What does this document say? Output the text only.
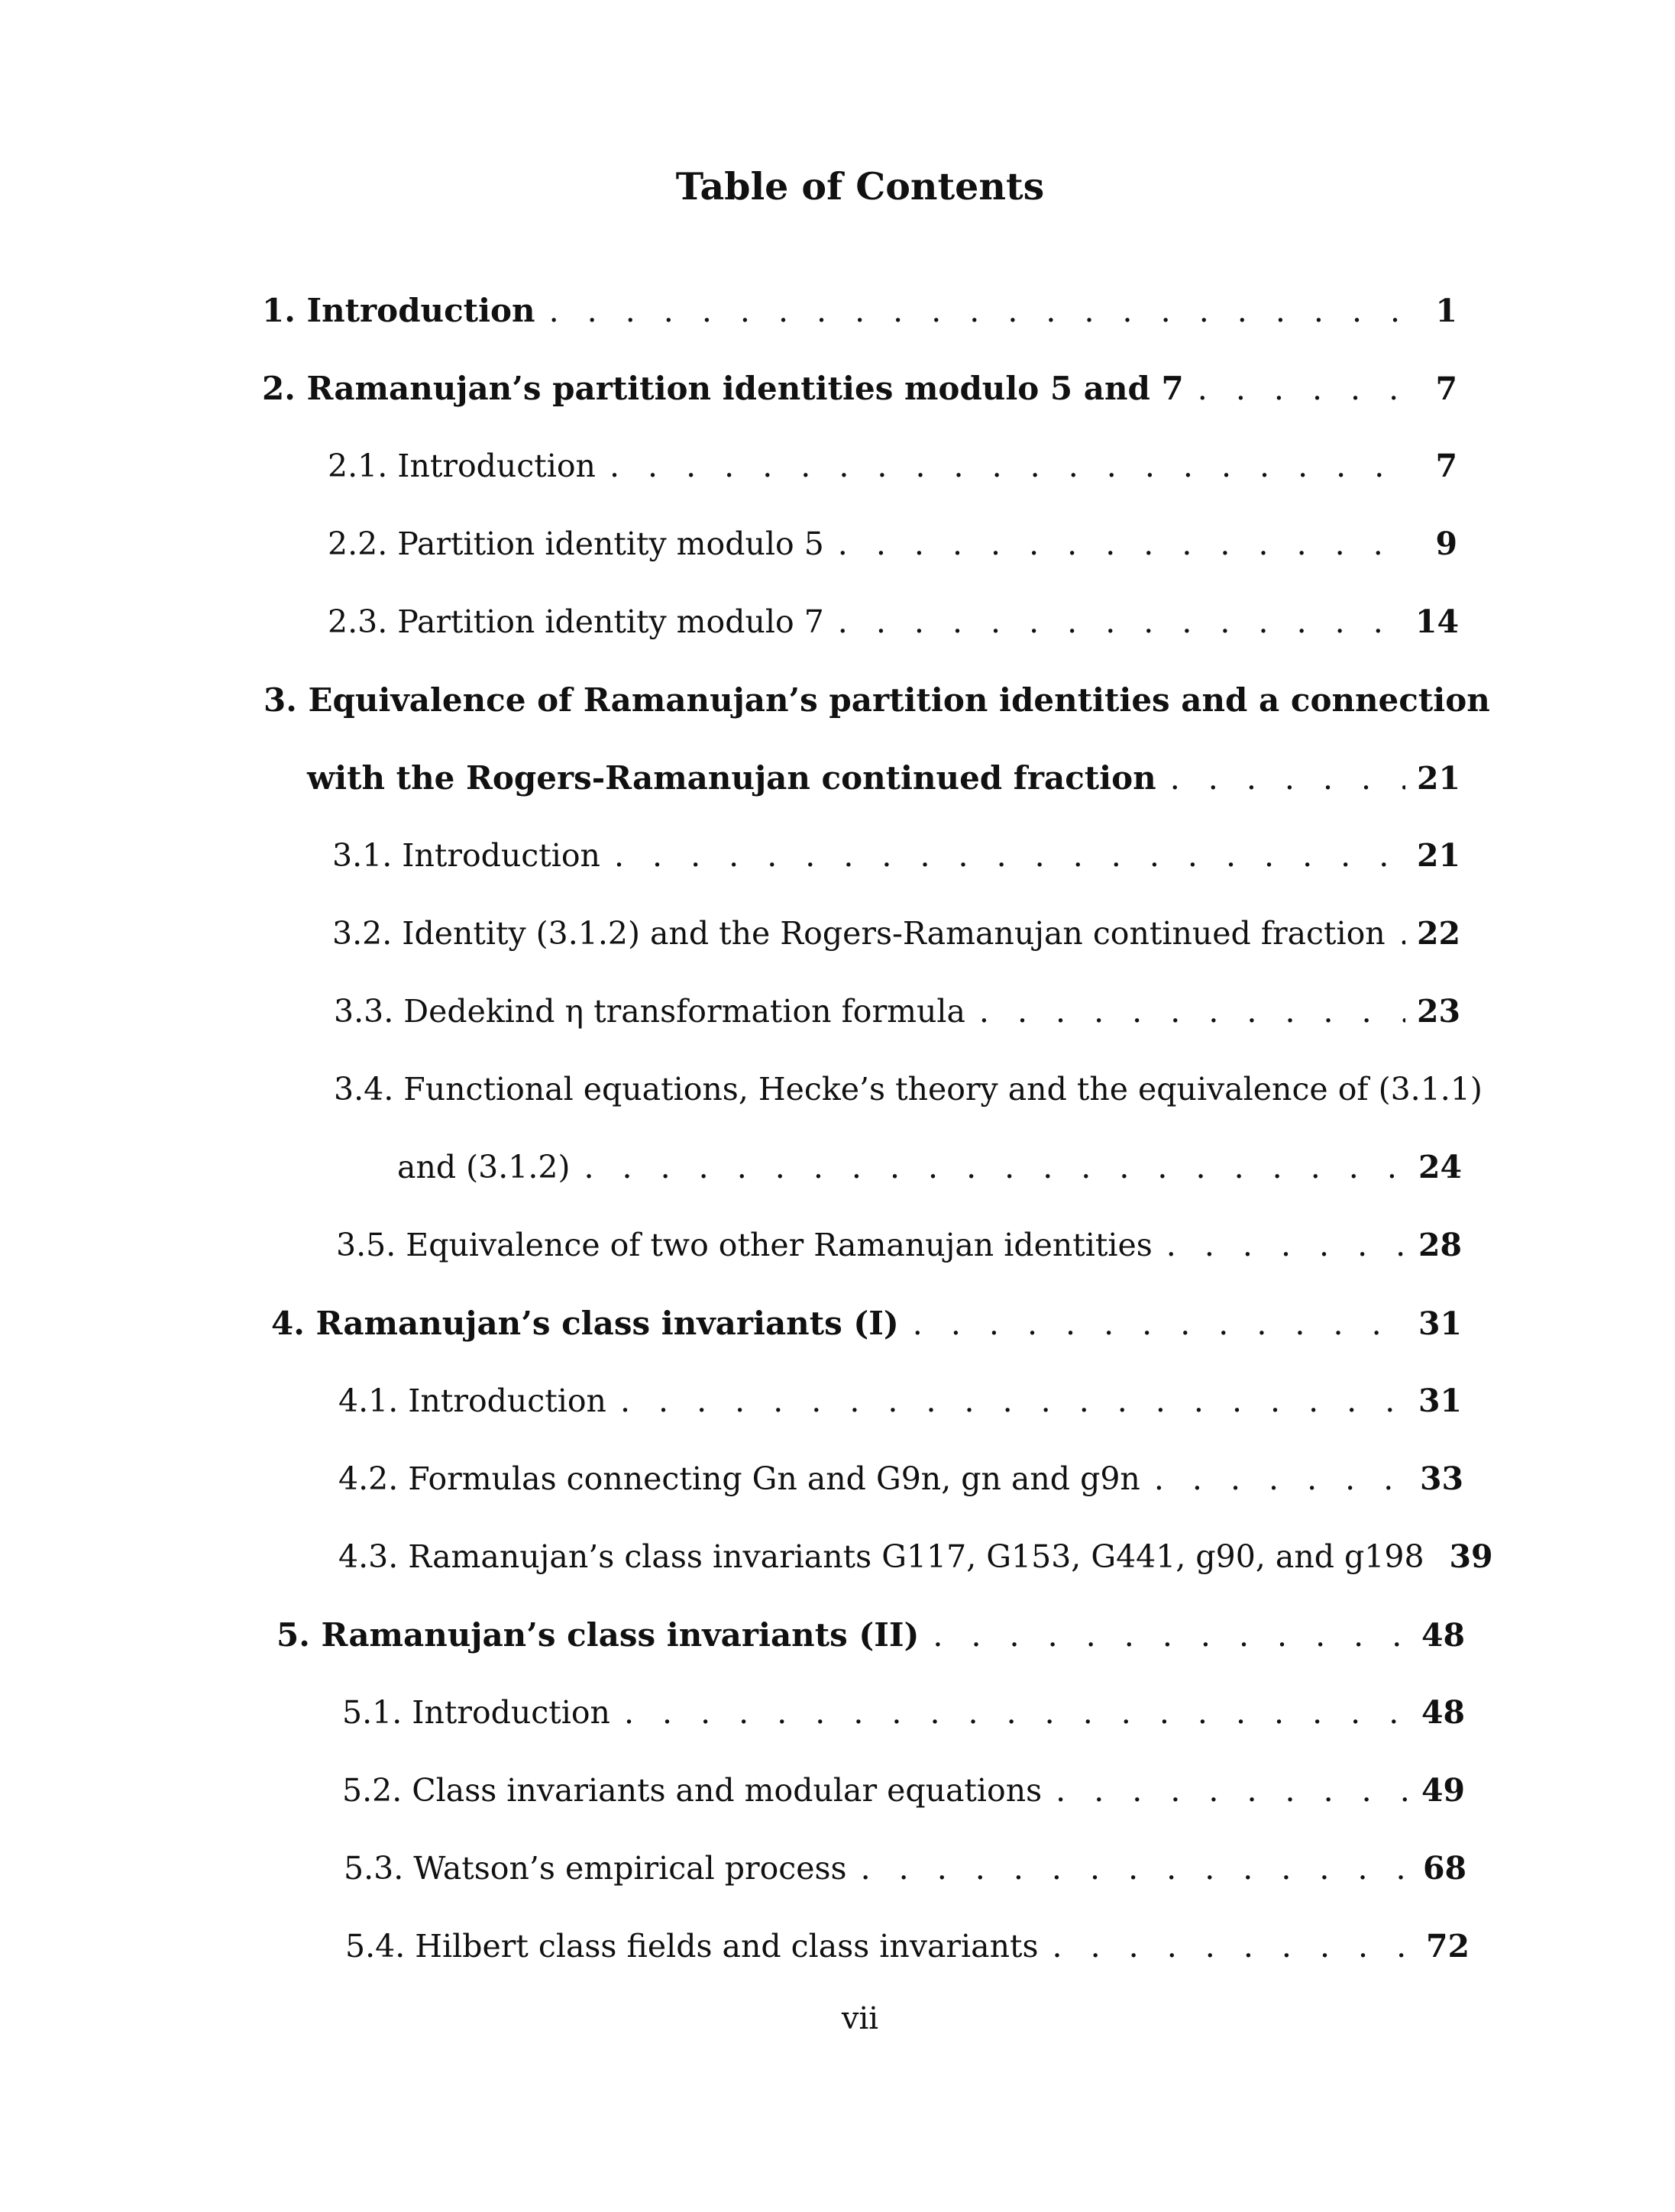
Table of Contents
1. Introduction . . .	1
2. Ramanujan’s partition identities modulo 5 and 7 . . .	7
2.1. Introduction . . .	7
2.2. Partition identity modulo 5 . . .	9
2.3. Partition identity modulo 7 . . .	14
3. Equivalence of Ramanujan’s partition identities and a connection
with the Rogers-Ramanujan continued fraction . . .	21
3.1. Introduction . . .	21
3.2. Identity (3.1.2) and the Rogers-Ramanujan continued fraction . . . 22
3.3. Dedekind η transformation formula . . .	23
3.4. Functional equations, Hecke’s theory and the equivalence of (3.1.1)
and (3.1.2) . . .	24
3.5. Equivalence of two other Ramanujan identities . . .	28
4. Ramanujan’s class invariants (I) . . .	31
4.1. Introduction . . .	31
4.2. Formulas connecting Gn and G9n, gn and g9n . . .	33
4.3. Ramanujan’s class invariants G117, G153, G441, g90, and g198 39
5. Ramanujan’s class invariants (II) . . .	48
5.1. Introduction . . .	48
5.2. Class invariants and modular equations . . .	49
5.3. Watson’s empirical process . . .	68
5.4. Hilbert class fields and class invariants . . .	72
vii
